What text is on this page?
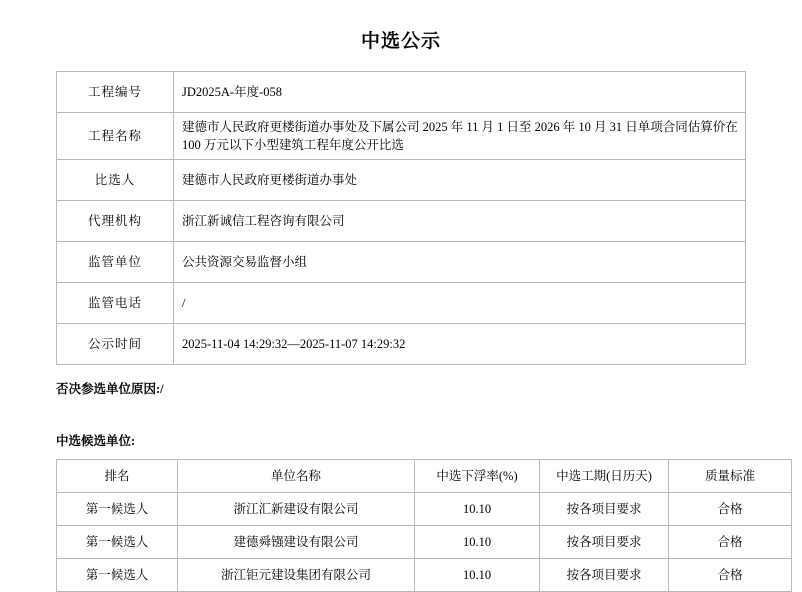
中选公示
工程编号	JD2025A-年度-058
工程名称	建德市人民政府更楼街道办事处及下属公司 2025 年 11 月 1 日至 2026 年 10 月 31 日单项合同估算价在 100 万元以下小型建筑工程年度公开比选
比选人	建德市人民政府更楼街道办事处
代理机构	浙江新诚信工程咨询有限公司
监管单位	公共资源交易监督小组
监管电话	/
公示时间	2025-11-04 14:29:32—2025-11-07 14:29:32
否决参选单位原因:/
中选候选单位:
排名	单位名称	中选下浮率(%)	中选工期(日历天)	质量标准
第一候选人	浙江汇新建设有限公司	10.10	按各项目要求	合格
第一候选人	建德舜镪建设有限公司	10.10	按各项目要求	合格
第一候选人	浙江钜元建设集团有限公司	10.10	按各项目要求	合格
